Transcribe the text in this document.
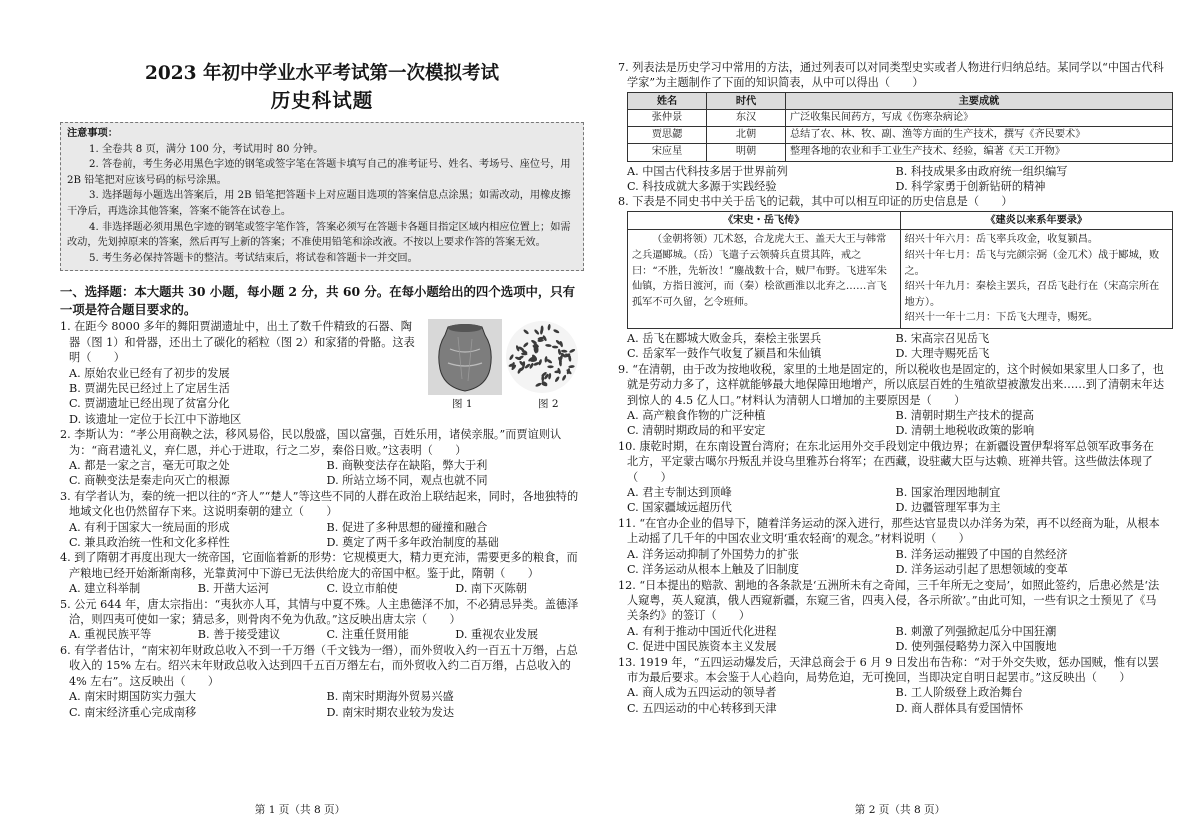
2023 年初中学业水平考试第一次模拟考试
历史科试题
注意事项：

1. 全卷共 8 页，满分 100 分，考试用时 80 分钟。

2. 答卷前，考生务必用黑色字迹的钢笔或签字笔在答题卡填写自己的准考证号、姓名、考场号、座位号，用 2B 铅笔把对应该号码的标号涂黑。

3. 选择题每小题选出答案后，用 2B 铅笔把答题卡上对应题目选项的答案信息点涂黑；如需改动，用橡皮擦干净后，再选涂其他答案，答案不能答在试卷上。

4. 非选择题必须用黑色字迹的钢笔或签字笔作答，答案必须写在答题卡各题目指定区域内相应位置上；如需改动，先划掉原来的答案，然后再写上新的答案；不准使用铅笔和涂改液。不按以上要求作答的答案无效。

5. 考生务必保持答题卡的整洁。考试结束后，将试卷和答题卡一并交回。

一、选择题：本大题共 30 小题，每小题 2 分，共 60 分。在每小题给出的四个选项中，只有一项是符合题目要求的。

1. 在距今 8000 多年的舞阳贾湖遗址中，出土了数千件精致的石器、陶器（图 1）和骨器，还出土了碳化的稻粒（图 2）和家猪的骨骼。这表明（　　）

A. 原始农业已经有了初步的发展

B. 贾湖先民已经过上了定居生活

C. 贾湖遗址已经出现了贫富分化

D. 该遗址一定位于长江中下游地区

图 1	图 2

2. 李斯认为：“孝公用商鞅之法，移风易俗，民以殷盛，国以富强，百姓乐用，诸侯亲服。”而贾谊则认为：“商君遗礼义，弃仁恩，并心于进取，行之二岁，秦俗日败。”这表明（　　）

A. 都是一家之言，毫无可取之处	B. 商鞅变法存在缺陷，弊大于利

C. 商鞅变法是秦走向灭亡的根源	D. 所站立场不同，观点也就不同

3. 有学者认为，秦的统一把以往的“齐人”“楚人”等这些不同的人群在政治上联结起来，同时，各地独特的地域文化也仍然留存下来。这说明秦朝的建立（　　）

A. 有利于国家大一统局面的形成	B. 促进了多种思想的碰撞和融合

C. 兼具政治统一性和文化多样性	D. 奠定了两千多年政治制度的基础

4. 到了隋朝才再度出现大一统帝国，它面临着新的形势：它规模更大，精力更充沛，需要更多的粮食，而产粮地已经开始渐渐南移，光靠黄河中下游已无法供给庞大的帝国中枢。鉴于此，隋朝（　　）

A. 建立科举制	B. 开凿大运河	C. 设立市舶使	D. 南下灭陈朝

5. 公元 644 年，唐太宗指出：“夷狄亦人耳，其情与中夏不殊。人主患德泽不加，不必猜忌异类。盖德泽洽，则四夷可使如一家；猜忌多，则骨肉不免为仇敌。”这反映出唐太宗（　　）

A. 重视民族平等	B. 善于接受建议	C. 注重任贤用能	D. 重视农业发展

6. 有学者估计，“南宋初年财政总收入不到一千万缗（千文钱为一缗），而外贸收入约一百五十万缗，占总收入的 15% 左右。绍兴末年财政总收入达到四千五百万缗左右，而外贸收入约二百万缗，占总收入的 4% 左右”。这反映出（　　）

A. 南宋时期国防实力强大	B. 南宋时期海外贸易兴盛

C. 南宋经济重心完成南移	D. 南宋时期农业较为发达

第 1 页（共 8 页）

7. 列表法是历史学习中常用的方法，通过列表可以对同类型史实或者人物进行归纳总结。某同学以“中国古代科学家”为主题制作了下面的知识简表，从中可以得出（　　）

姓名	时代	主要成就
张仲景	东汉	广泛收集民间药方，写成《伤寒杂病论》
贾思勰	北朝	总结了农、林、牧、副、渔等方面的生产技术，撰写《齐民要术》
宋应星	明朝	整理各地的农业和手工业生产技术、经验，编著《天工开物》

A. 中国古代科技多居于世界前列	B. 科技成果多由政府统一组织编写

C. 科技成就大多源于实践经验	D. 科学家勇于创新钻研的精神

8. 下表是不同史书中关于岳飞的记载，其中可以相互印证的历史信息是（　　）

《宋史・岳飞传》	《建炎以来系年要录》

（金朝将领）兀术怒，合龙虎大王、盖天大王与韩常之兵逼郾城。（岳）飞遣子云领骑兵直贯其阵，戒之曰：“不胜，先斩汝！”鏖战数十合，贼尸布野。飞进军朱仙镇，方指日渡河，而（秦）桧欲画淮以北弃之……言飞孤军不可久留，乞令班师。	绍兴十年六月：岳飞率兵攻金，收复颍昌。

绍兴十年七月：岳飞与完颜宗弼（金兀术）战于郾城，败之。

绍兴十年九月：秦桧主罢兵，召岳飞赴行在（宋高宗所在地方）。

绍兴十一年十二月：下岳飞大理寺，赐死。

A. 岳飞在郾城大败金兵，秦桧主张罢兵	B. 宋高宗召见岳飞

C. 岳家军一鼓作气收复了颍昌和朱仙镇	D. 大理寺赐死岳飞

9. “在清朝，由于改为按地收税，家里的土地是固定的，所以税收也是固定的，这个时候如果家里人口多了，也就是劳动力多了，这样就能够最大地保障田地增产，所以底层百姓的生殖欲望被激发出来……到了清朝末年达到惊人的 4.5 亿人口。”材料认为清朝人口增加的主要原因是（　　）

A. 高产粮食作物的广泛种植	B. 清朝时期生产技术的提高

C. 清朝时期政局的和平安定	D. 清朝土地税收政策的影响

10. 康乾时期，在东南设置台湾府；在东北运用外交手段划定中俄边界；在新疆设置伊犁将军总领军政事务在北方，平定蒙古噶尔丹叛乱并设乌里雅苏台将军；在西藏，设驻藏大臣与达赖、班禅共管。这些做法体现了（　　）

A. 君主专制达到顶峰	B. 国家治理因地制宜

C. 国家疆域远超历代	D. 边疆管理军事为主

11. “在官办企业的倡导下，随着洋务运动的深入进行，那些达官显贵以办洋务为荣，再不以经商为耻，从根本上动摇了几千年的中国农业文明‘重农轻商’的观念。”材料说明（　　）

A. 洋务运动抑制了外国势力的扩张	B. 洋务运动摧毁了中国的自然经济

C. 洋务运动从根本上触及了旧制度	D. 洋务运动引起了思想领域的变革

12. “日本提出的赔款、割地的各条款是‘五洲所未有之奇闻，三千年所无之变局’，如照此签约，后患必然是‘法人窥粤，英人窥滇，俄人西窥新疆，东窥三省，四夷入侵，各示所欲’。”由此可知，一些有识之士预见了《马关条约》的签订（　　）

A. 有利于推动中国近代化进程	B. 刺激了列强掀起瓜分中国狂潮

C. 促进中国民族资本主义发展	D. 使列强侵略势力深入中国腹地

13. 1919 年，“五四运动爆发后，天津总商会于 6 月 9 日发出布告称：“对于外交失败，惩办国贼，惟有以罢市为最后要求。本会鉴于人心趋向，局势危迫，无可挽回，当即决定自明日起罢市。”这反映出（　　）

A. 商人成为五四运动的领导者	B. 工人阶级登上政治舞台

C. 五四运动的中心转移到天津	D. 商人群体具有爱国情怀

第 2 页（共 8 页）
